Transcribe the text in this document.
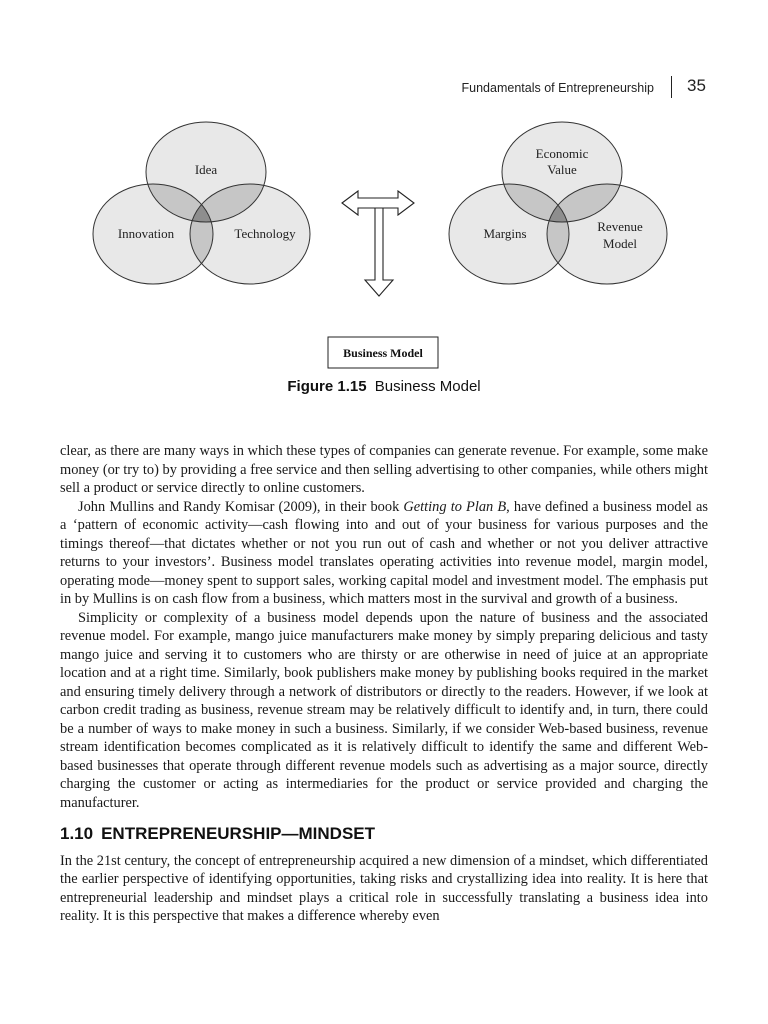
Fundamentals of Entrepreneurship 35
Idea
Innovation	Technology
Economic
Value
Margins	Revenue
Model
Business Model
Figure 1.15 Business Model

clear, as there are many ways in which these types of companies can generate revenue. For example, some make money (or try to) by providing a free service and then selling advertising to other companies, while others might sell a product or service directly to online customers.

John Mullins and Randy Komisar (2009), in their book Getting to Plan B, have defined a business model as a ‘pattern of economic activity—cash flowing into and out of your business for various purposes and the timings thereof—that dictates whether or not you run out of cash and whether or not you deliver attractive returns to your investors’. Business model translates operating activities into revenue model, margin model, operating mode—money spent to support sales, working capital model and investment model. The emphasis put in by Mullins is on cash flow from a business, which matters most in the survival and growth of a business.

Simplicity or complexity of a business model depends upon the nature of business and the associated revenue model. For example, mango juice manufacturers make money by simply preparing delicious and tasty mango juice and serving it to customers who are thirsty or are otherwise in need of juice at an appropriate location and at a right time. Similarly, book publishers make money by publishing books required in the market and ensuring timely delivery through a network of distributors or directly to the readers. However, if we look at carbon credit trading as business, revenue stream may be relatively difficult to identify and, in turn, there could be a number of ways to make money in such a business. Similarly, if we consider Web-based business, revenue stream identification becomes complicated as it is relatively difficult to identify the same and different Web-based businesses that operate through different revenue models such as advertising as a major source, directly charging the customer or acting as intermediaries for the product or service provided and charging the manufacturer.

1.10 ENTREPRENEURSHIP—MINDSET

In the 21st century, the concept of entrepreneurship acquired a new dimension of a mindset, which differentiated the earlier perspective of identifying opportunities, taking risks and crystallizing idea into reality. It is here that entrepreneurial leadership and mindset plays a critical role in successfully translating a business idea into reality. It is this perspective that makes a difference whereby even
